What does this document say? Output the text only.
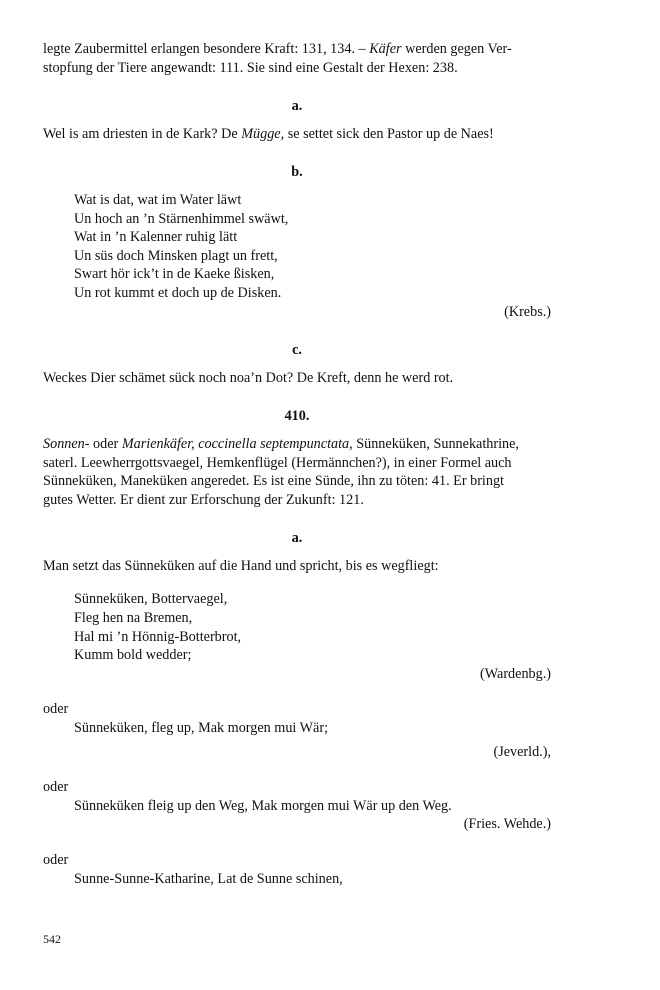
legte Zaubermittel erlangen besondere Kraft: 131, 134. – Käfer werden gegen Ver-

stopfung der Tiere angewandt: 111. Sie sind eine Gestalt der Hexen: 238.

a.

Wel is am driesten in de Kark? De Mügge, se settet sick den Pastor up de Naes!

b.

Wat is dat, wat im Water läwt

Un hoch an ’n Stärnenhimmel swäwt,

Wat in ’n Kalenner ruhig lätt

Un süs doch Minsken plagt un frett,

Swart hör ick’t in de Kaeke ßisken,

Un rot kummt et doch up de Disken.

(Krebs.)

c.

Weckes Dier schämet sück noch noa’n Dot? De Kreft, denn he werd rot.

410.

Sonnen- oder Marienkäfer, coccinella septempunctata, Sünneküken, Sunnekathrine,

saterl. Leewherrgottsvaegel, Hemkenflügel (Hermännchen?), in einer Formel auch

Sünneküken, Maneküken angeredet. Es ist eine Sünde, ihn zu töten: 41. Er bringt

gutes Wetter. Er dient zur Erforschung der Zukunft: 121.

a.

Man setzt das Sünneküken auf die Hand und spricht, bis es wegfliegt:

Sünneküken, Bottervaegel,

Fleg hen na Bremen,

Hal mi ’n Hönnig-Botterbrot,

Kumm bold wedder;

(Wardenbg.)

oder

Sünneküken, fleg up, Mak morgen mui Wär;

(Jeverld.),

oder

Sünneküken fleig up den Weg, Mak morgen mui Wär up den Weg.

(Fries. Wehde.)

oder

Sunne-Sunne-Katharine, Lat de Sunne schinen,

542
